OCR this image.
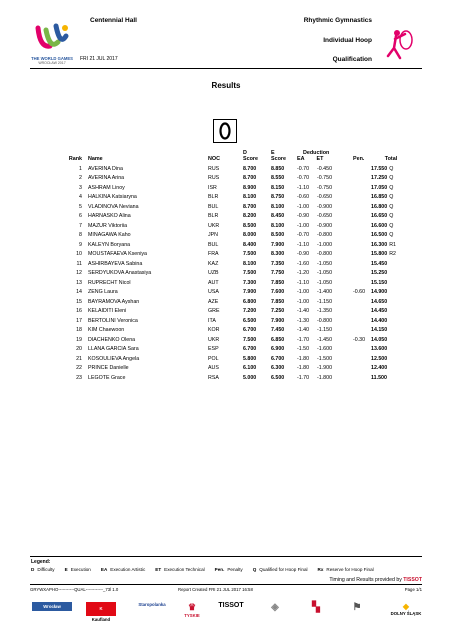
THE WORLD GAMES
WROCŁAW 2017
Centennial Hall
FRI 21 JUL 2017
Rhythmic Gymnastics
Individual Hoop
Qualification
Results
Rank	Name	NOC	D
Score	E
Score	Deduction
EA ET		Pen.	Total
1	AVERINA Dina	RUS	8.700	8.850	-0.70	-0.450		17.550 Q
2	AVERINA Arina	RUS	8.700	8.550	-0.70	-0.750		17.250 Q
3	ASHRAM Linoy	ISR	8.900	8.150	-1.10	-0.750		17.050 Q
4	HALKINA Katsiaryna	BLR	8.100	8.750	-0.60	-0.650		16.850 Q
5	VLADINOVA Neviana	BUL	8.700	8.100	-1.00	-0.900		16.800 Q
6	HARNASKO Alina	BLR	8.200	8.450	-0.90	-0.650		16.650 Q
7	MAZUR Viktoriia	UKR	8.500	8.100	-1.00	-0.900		16.600 Q
8	MINAGAWA Kaho	JPN	8.000	8.500	-0.70	-0.800		16.500 Q
9	KALEYN Boryana	BUL	8.400	7.900	-1.10	-1.000		16.300 R1
10	MOUSTAFAEVA Kseniya	FRA	7.500	8.300	-0.90	-0.800		15.800 R2
11	ASHIRBAYEVA Sabina	KAZ	8.100	7.350	-1.60	-1.050		15.450
12	SERDYUKOVA Anastasiya	UZB	7.500	7.750	-1.20	-1.050		15.250
13	RUPRECHT Nicol	AUT	7.300	7.850	-1.10	-1.050		15.150
14	ZENG Laura	USA	7.900	7.600	-1.00	-1.400	-0.60	14.900
15	BAYRAMOVA Ayshan	AZE	6.800	7.850	-1.00	-1.150		14.650
16	KELAIDITI Eleni	GRE	7.200	7.250	-1.40	-1.350		14.450
17	BERTOLINI Veronica	ITA	6.500	7.900	-1.30	-0.800		14.400
18	KIM Chaewoon	KOR	6.700	7.450	-1.40	-1.150		14.150
19	DIACHENKO Olena	UKR	7.500	6.850	-1.70	-1.450	-0.30	14.050
20	LLANA GARCIA Sara	ESP	6.700	6.900	-1.50	-1.600		13.600
21	KOSOULIEVA Angela	POL	5.800	6.700	-1.80	-1.500		12.500
22	PRINCE Danielle	AUS	6.100	6.300	-1.80	-1.900		12.400
23	LEGOTE Grace	RSA	5.000	6.500	-1.70	-1.800		11.500
Legend:
D Difficulty E Execution EA Execution Artistic ET Execution Technical Pen. Penalty Q Qualified for Hoop Final Rx Reserve for Hoop Final
Timing and Results provided by TISSOT
GRYWXAPHO-----------QUAL------------_73l 1.0	Report Created FRI 21 JUL 2017 16:58	Page 1/1
Wrocław	K
Kaufland
Staropolanka	♛
TYSKIE
TISSOT	◈	▚	⚑	◆
DOLNY ŚLĄSK
